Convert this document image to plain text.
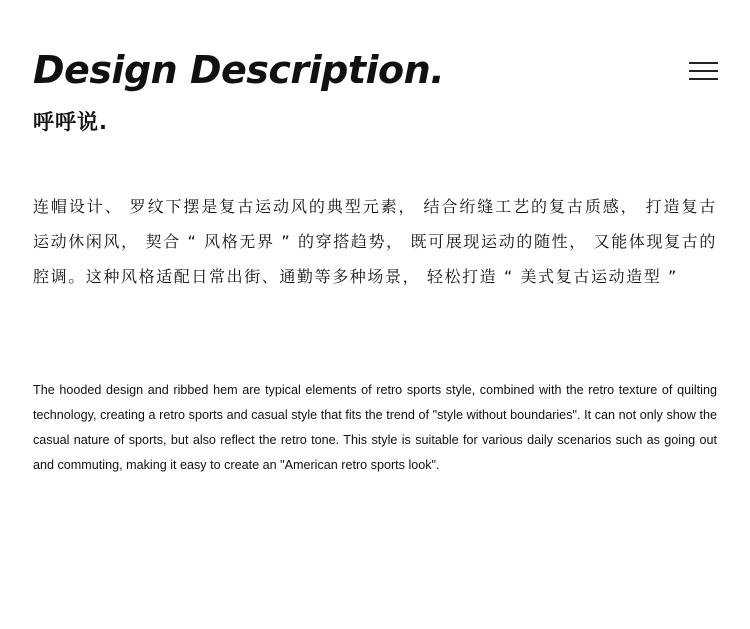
Design Description.
呼呼说.

连帽设计、 罗纹下摆是复古运动风的典型元素， 结合绗缝工艺的复古质感， 打造复古运动休闲风， 契合 “ 风格无界 ” 的穿搭趋势， 既可展现运动的随性， 又能体现复古的腔调。这种风格适配日常出街、通勤等多种场景， 轻松打造 “ 美式复古运动造型 ”

The hooded design and ribbed hem are typical elements of retro sports style, combined with the retro texture of quilting technology, creating a retro sports and casual style that fits the trend of "style without boundaries". It can not only show the casual nature of sports, but also reflect the retro tone. This style is suitable for various daily scenarios such as going out and commuting, making it easy to create an "American retro sports look".
